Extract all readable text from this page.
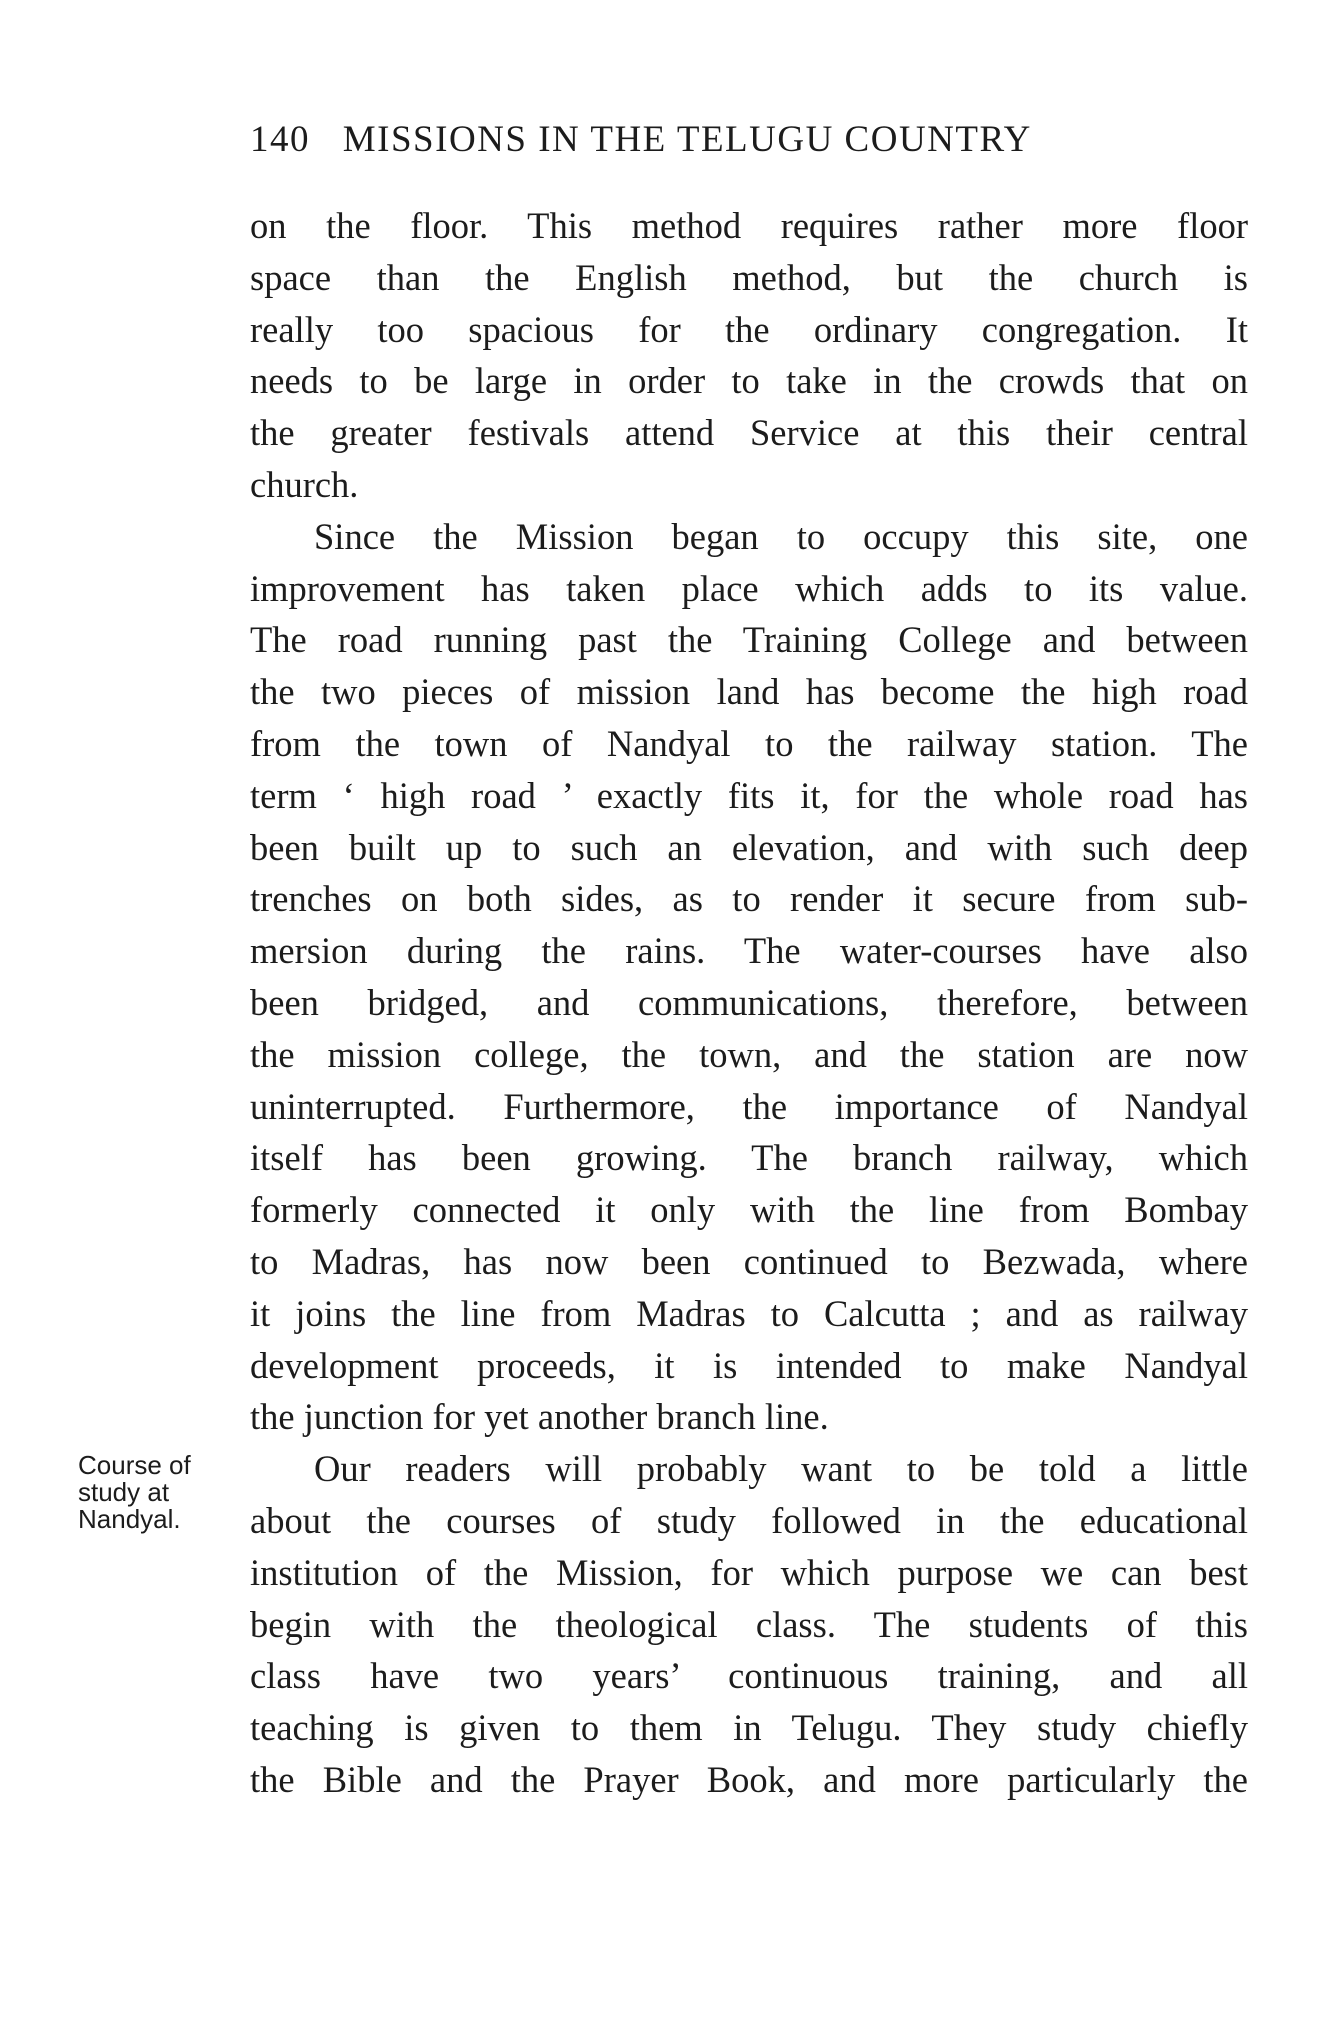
140 MISSIONS IN THE TELUGU COUNTRY
on the floor. This method requires rather more floor
space than the English method, but the church is
really too spacious for the ordinary congregation. It
needs to be large in order to take in the crowds that on
the greater festivals attend Service at this their central
church.
Since the Mission began to occupy this site, one
improvement has taken place which adds to its value.
The road running past the Training College and between
the two pieces of mission land has become the high road
from the town of Nandyal to the railway station. The
term ‘ high road ’ exactly fits it, for the whole road has
been built up to such an elevation, and with such deep
trenches on both sides, as to render it secure from sub-
mersion during the rains. The water-courses have also
been bridged, and communications, therefore, between
the mission college, the town, and the station are now
uninterrupted. Furthermore, the importance of Nandyal
itself has been growing. The branch railway, which
formerly connected it only with the line from Bombay
to Madras, has now been continued to Bezwada, where
it joins the line from Madras to Calcutta ; and as railway
development proceeds, it is intended to make Nandyal
the junction for yet another branch line.
Our readers will probably want to be told a little
about the courses of study followed in the educational
institution of the Mission, for which purpose we can best
begin with the theological class. The students of this
class have two years’ continuous training, and all
teaching is given to them in Telugu. They study chiefly
the Bible and the Prayer Book, and more particularly the
Course of
study at
Nandyal.
